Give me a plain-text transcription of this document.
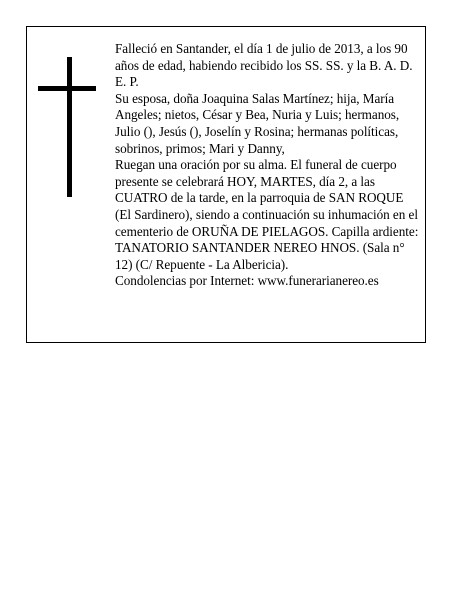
Falleció en Santander, el día 1 de julio de 2013, a los 90 años de edad, habiendo recibido los SS. SS. y la B. A. D. E. P.

Su esposa, doña Joaquina Salas Martínez; hija, María Angeles; nietos, César y Bea, Nuria y Luis; hermanos, Julio (), Jesús (), Joselín y Rosina; hermanas políticas, sobrinos, primos; Mari y Danny,

Ruegan una oración por su alma. El funeral de cuerpo presente se celebrará HOY, MARTES, día 2, a las CUATRO de la tarde, en la parroquia de SAN ROQUE (El Sardinero), siendo a continuación su inhumación en el cementerio de ORUÑA DE PIELAGOS. Capilla ardiente: TANATORIO SANTANDER NEREO HNOS. (Sala n° 12) (C/ Repuente - La Albericia).

Condolencias por Internet: www.funerarianereo.es
